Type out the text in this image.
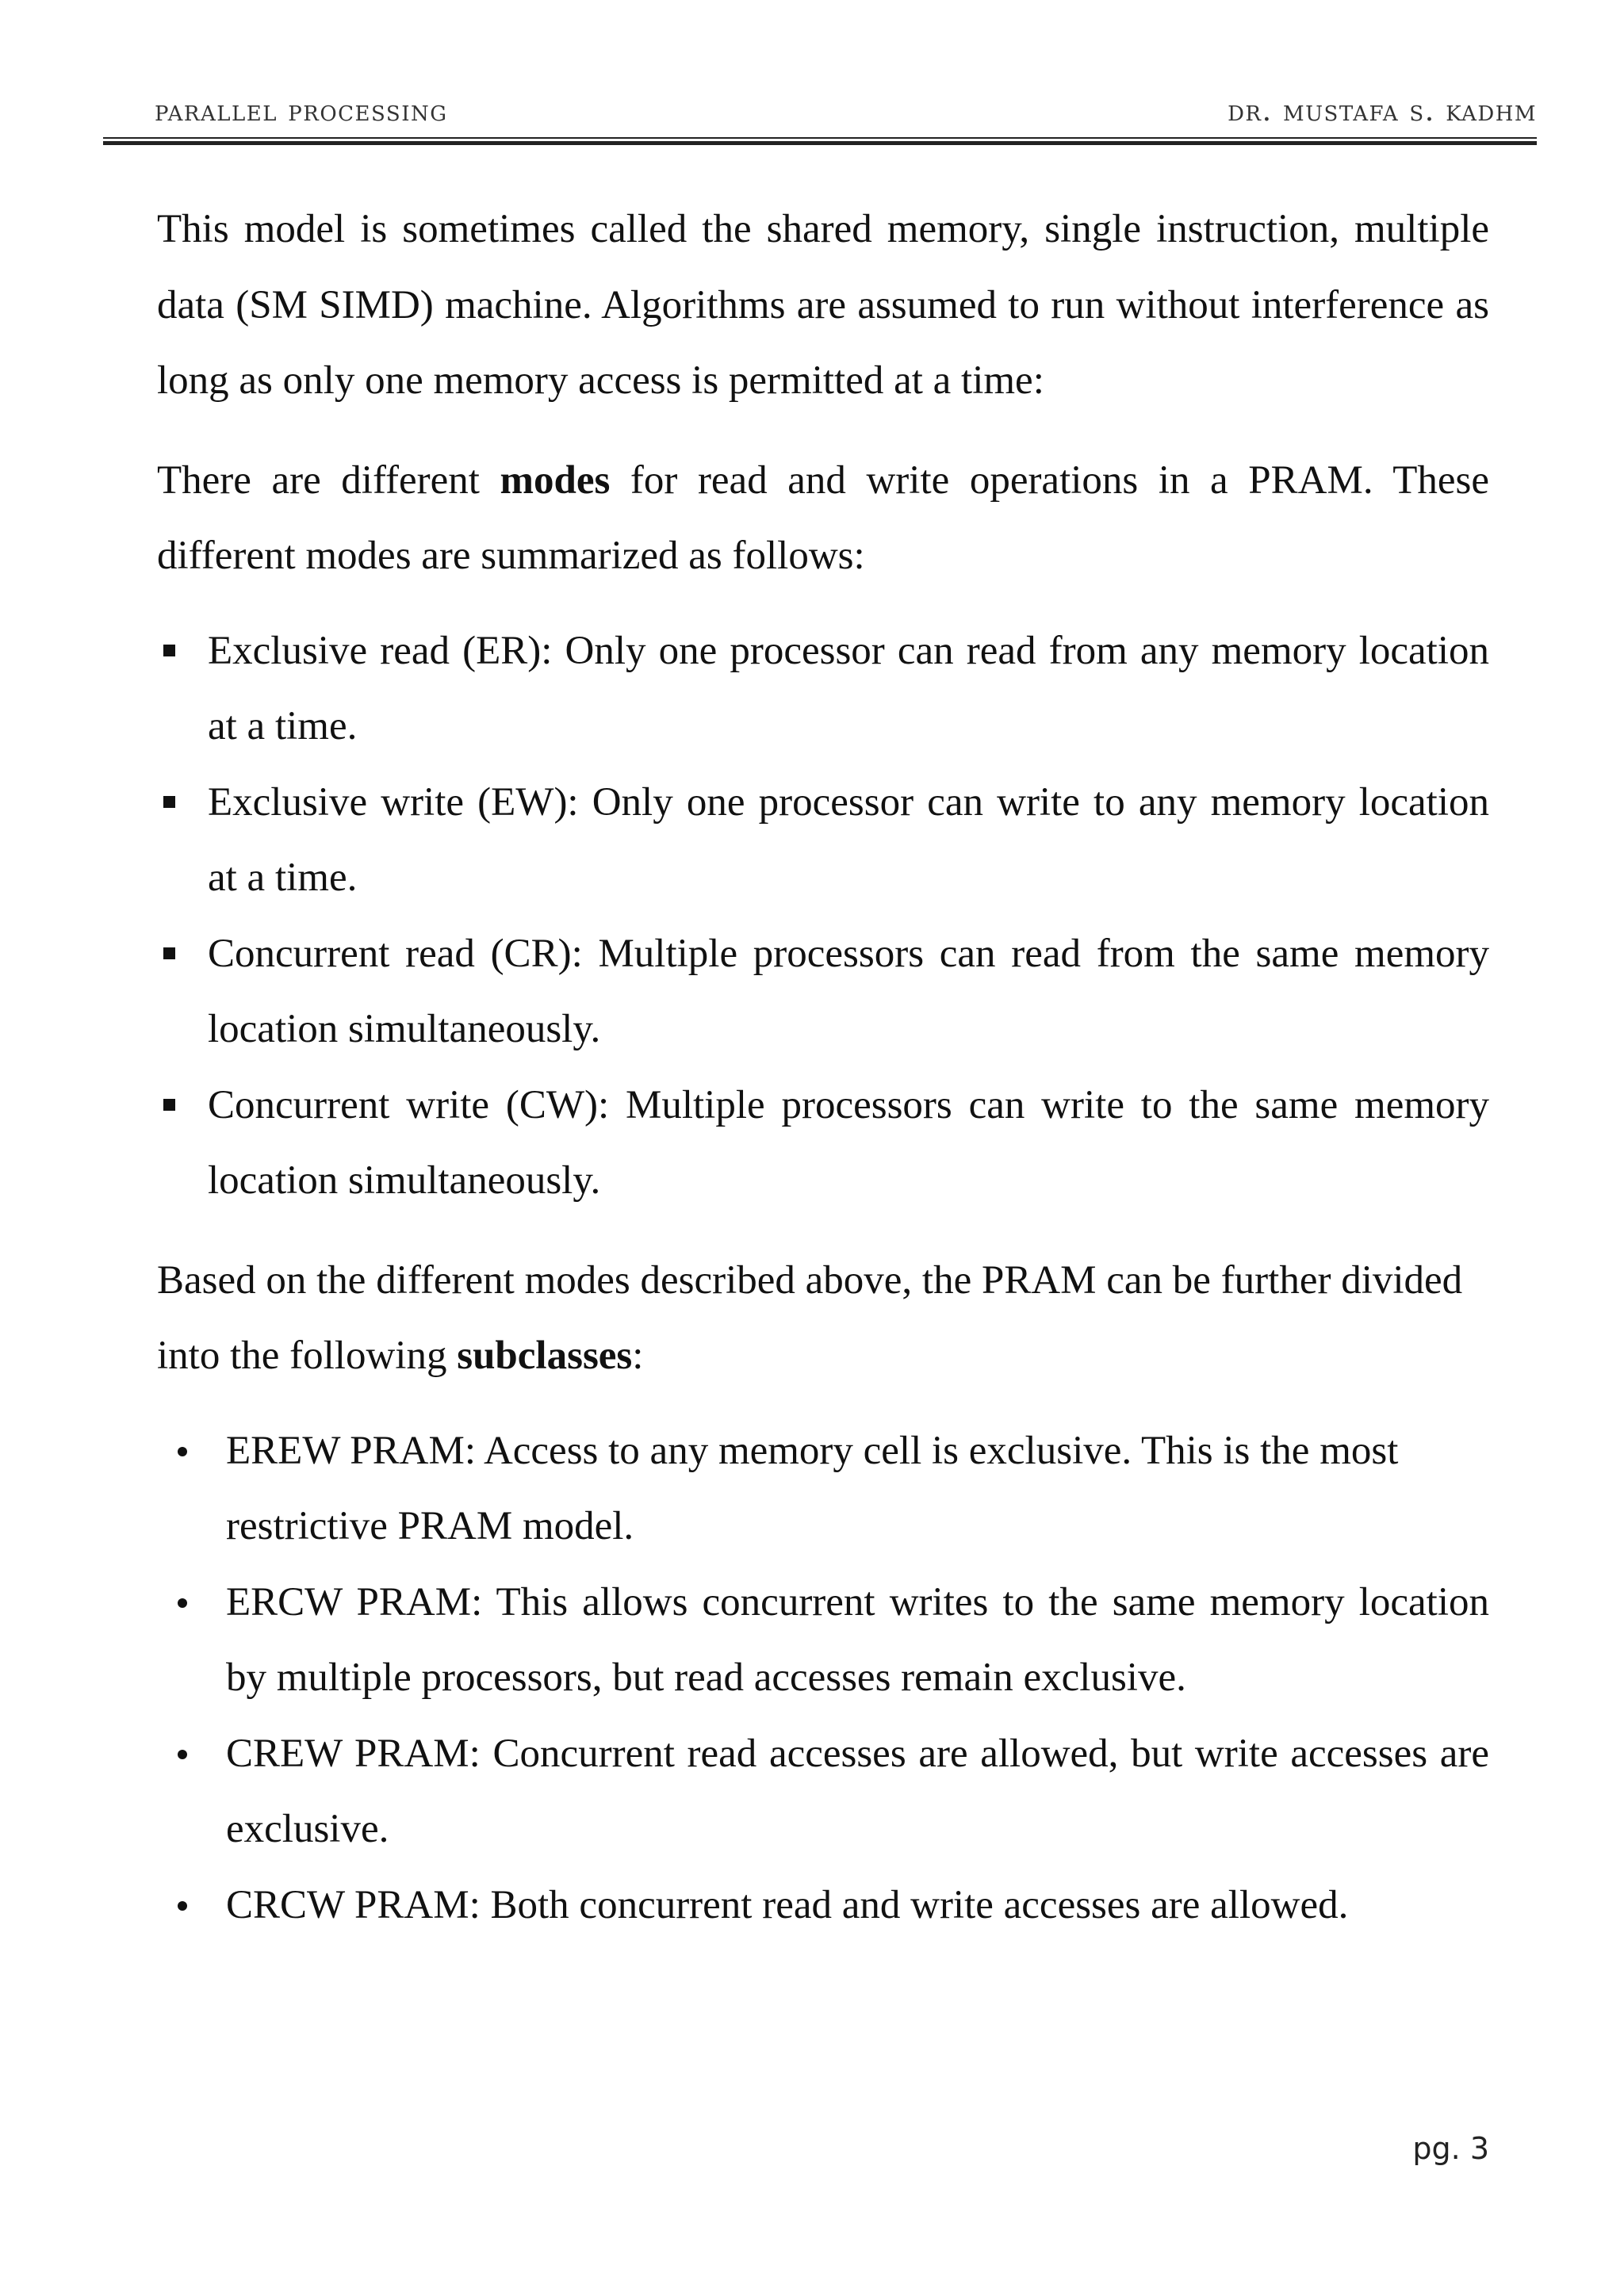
parallel processing	dr. mustafa s. kadhm

This model is sometimes called the shared memory, single instruction, multiple data (SM SIMD) machine. Algorithms are assumed to run without interference as long as only one memory access is permitted at a time:

There are different modes for read and write operations in a PRAM. These different modes are summarized as follows:

Exclusive read (ER): Only one processor can read from any memory location at a time.
Exclusive write (EW): Only one processor can write to any memory location at a time.
Concurrent read (CR): Multiple processors can read from the same memory location simultaneously.
Concurrent write (CW): Multiple processors can write to the same memory location simultaneously.

Based on the different modes described above, the PRAM can be further divided into the following subclasses:

EREW PRAM: Access to any memory cell is exclusive. This is the most restrictive PRAM model.
ERCW PRAM: This allows concurrent writes to the same memory location by multiple processors, but read accesses remain exclusive.
CREW PRAM: Concurrent read accesses are allowed, but write accesses are exclusive.
CRCW PRAM: Both concurrent read and write accesses are allowed.
pg. 3
